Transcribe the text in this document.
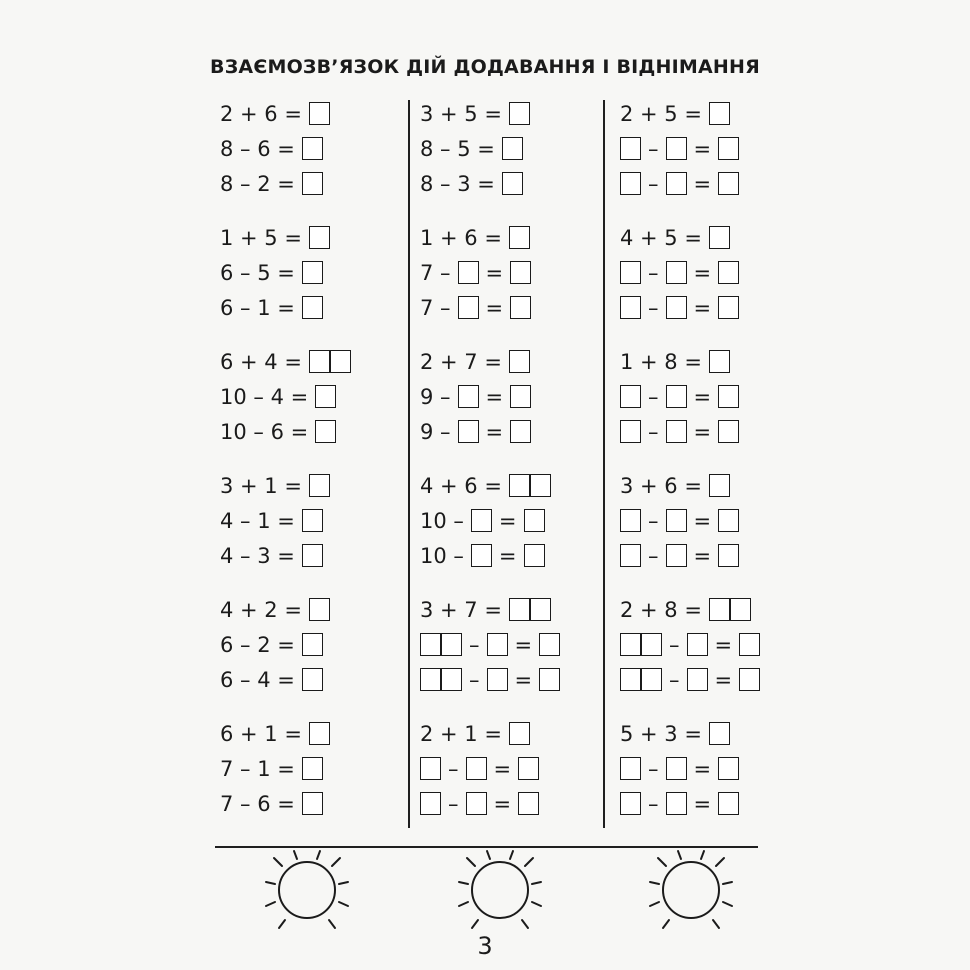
ВЗАЄМОЗВ’ЯЗОК ДІЙ ДОДАВАННЯ І ВІДНІМАННЯ
2 + 6 =
8 – 6 =
8 – 2 =
1 + 5 =
6 – 5 =
6 – 1 =
6 + 4 =
10 – 4 =
10 – 6 =
3 + 1 =
4 – 1 =
4 – 3 =
4 + 2 =
6 – 2 =
6 – 4 =
6 + 1 =
7 – 1 =
7 – 6 =
3 + 5 =
8 – 5 =
8 – 3 =
1 + 6 =
7 – =
7 – =
2 + 7 =
9 – =
9 – =
4 + 6 =
10 – =
10 – =
3 + 7 =
– =
– =
2 + 1 =
– =
– =
2 + 5 =
– =
– =
4 + 5 =
– =
– =
1 + 8 =
– =
– =
3 + 6 =
– =
– =
2 + 8 =
– =
– =
5 + 3 =
– =
– =
3
